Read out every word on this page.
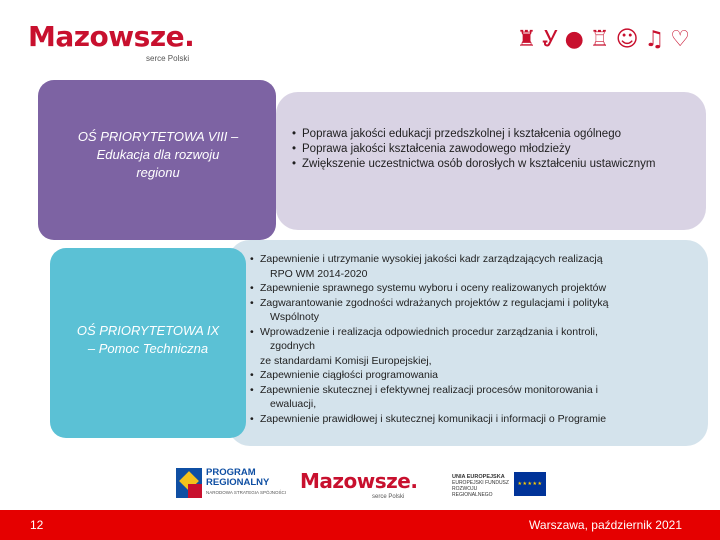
Mazowsze.
serce Polski
♜ Ꮍ ● ♖ ☺ ♫ ♡
OŚ PRIORYTETOWA VIII –
Edukacja dla rozwoju
regionu
• Poprawa jakości edukacji przedszkolnej i kształcenia ogólnego
• Poprawa jakości kształcenia zawodowego młodzieży
• Zwiększenie uczestnictwa osób dorosłych w kształceniu ustawicznym
OŚ PRIORYTETOWA IX
– Pomoc Techniczna
• Zapewnienie i utrzymanie wysokiej jakości kadr zarządzających realizacją
RPO WM 2014-2020
• Zapewnienie sprawnego systemu wyboru i oceny realizowanych projektów
• Zagwarantowanie zgodności wdrażanych projektów z regulacjami i polityką
Wspólnoty
• Wprowadzenie i realizacja odpowiednich procedur zarządzania i kontroli,
zgodnych
ze standardami Komisji Europejskiej,
• Zapewnienie ciągłości programowania
• Zapewnienie skutecznej i efektywnej realizacji procesów monitorowania i
ewaluacji,
• Zapewnienie prawidłowej i skutecznej komunikacji i informacji o Programie
PROGRAM
REGIONALNY
NARODOWA STRATEGIA SPÓJNOŚCI Mazowsze.
serce Polski
UNIA EUROPEJSKA
EUROPEJSKI FUNDUSZ
ROZWOJU REGIONALNEGO
★★★★★
12	Warszawa, październik 2021
